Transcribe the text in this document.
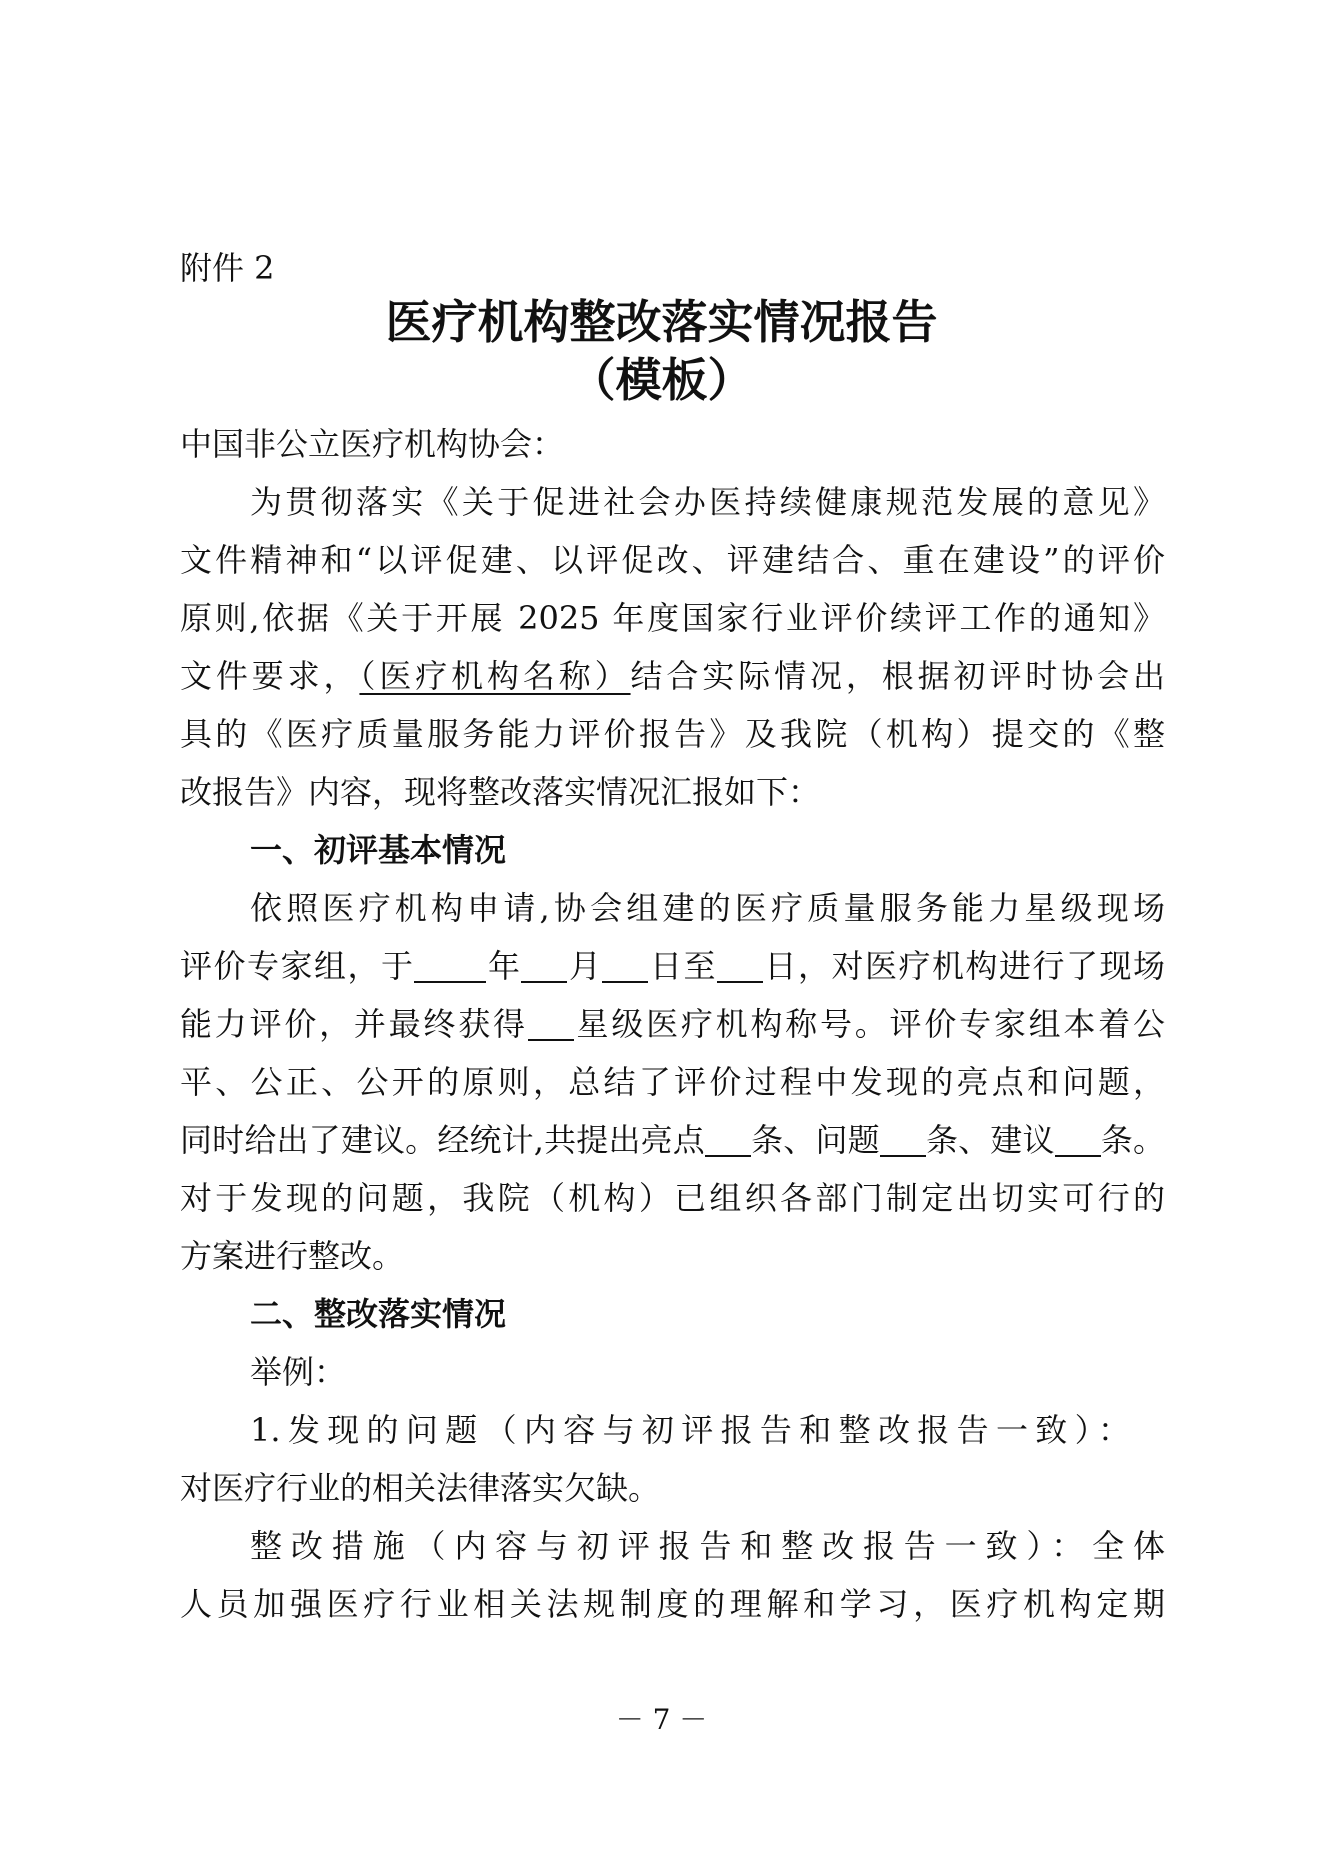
附件 2
医疗机构整改落实情况报告
（模板）
中国非公立医疗机构协会：
为贯彻落实《关于促进社会办医持续健康规范发展的意见》
文件精神和“以评促建、以评促改、评建结合、重在建设”的评价
原则,依据《关于开展 2025 年度国家行业评价续评工作的通知》
文件要求，（医疗机构名称）结合实际情况，根据初评时协会出
具的《医疗质量服务能力评价报告》及我院（机构）提交的《整
改报告》内容，现将整改落实情况汇报如下：
一、初评基本情况
依照医疗机构申请,协会组建的医疗质量服务能力星级现场
评价专家组，于 年 月 日至 日，对医疗机构进行了现场
能力评价，并最终获得 星级医疗机构称号。评价专家组本着公
平、公正、公开的原则，总结了评价过程中发现的亮点和问题，
同时给出了建议。经统计,共提出亮点 条、问题 条、建议 条。
对于发现的问题，我院（机构）已组织各部门制定出切实可行的
方案进行整改。
二、整改落实情况
举例：
1.发现的问题（内容与初评报告和整改报告一致）：
对医疗行业的相关法律落实欠缺。
整改措施（内容与初评报告和整改报告一致）：全体
人员加强医疗行业相关法规制度的理解和学习，医疗机构定期
－ 7 －
